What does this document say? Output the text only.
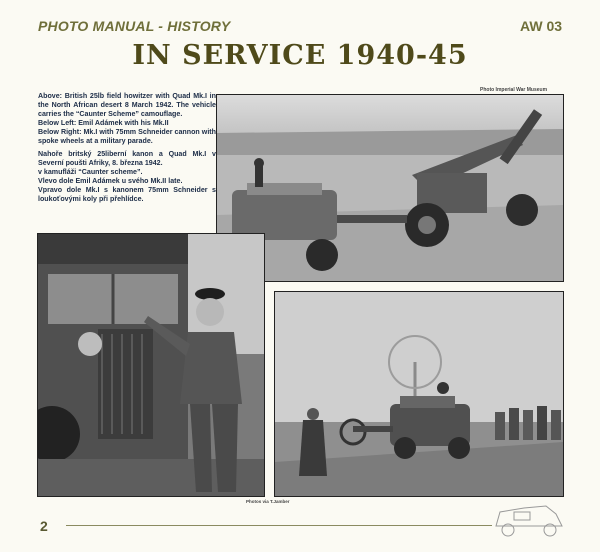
PHOTO MANUAL - HISTORY	AW 03
IN SERVICE 1940-45
Photo Imperial War Museum

Above: British 25lb field howitzer with Quad Mk.I in the North African desert 8 March 1942. The vehicle carries the “Caunter Scheme” camouflage.
Below Left: Emil Adámek with his Mk.II
Below Right: Mk.I with 75mm Schneider cannon with spoke wheels at a military parade.

Nahoře britský 25liberní kanon a Quad Mk.I v Severní poušti Afriky, 8. března 1942.
v kamufláži “Caunter scheme”.
Vlevo dole Emil Adámek u svého Mk.II late.
Vpravo dole Mk.I s kanonem 75mm Schneider s loukoťovými koly při přehlídce.

Photos via T.Jamber
2
